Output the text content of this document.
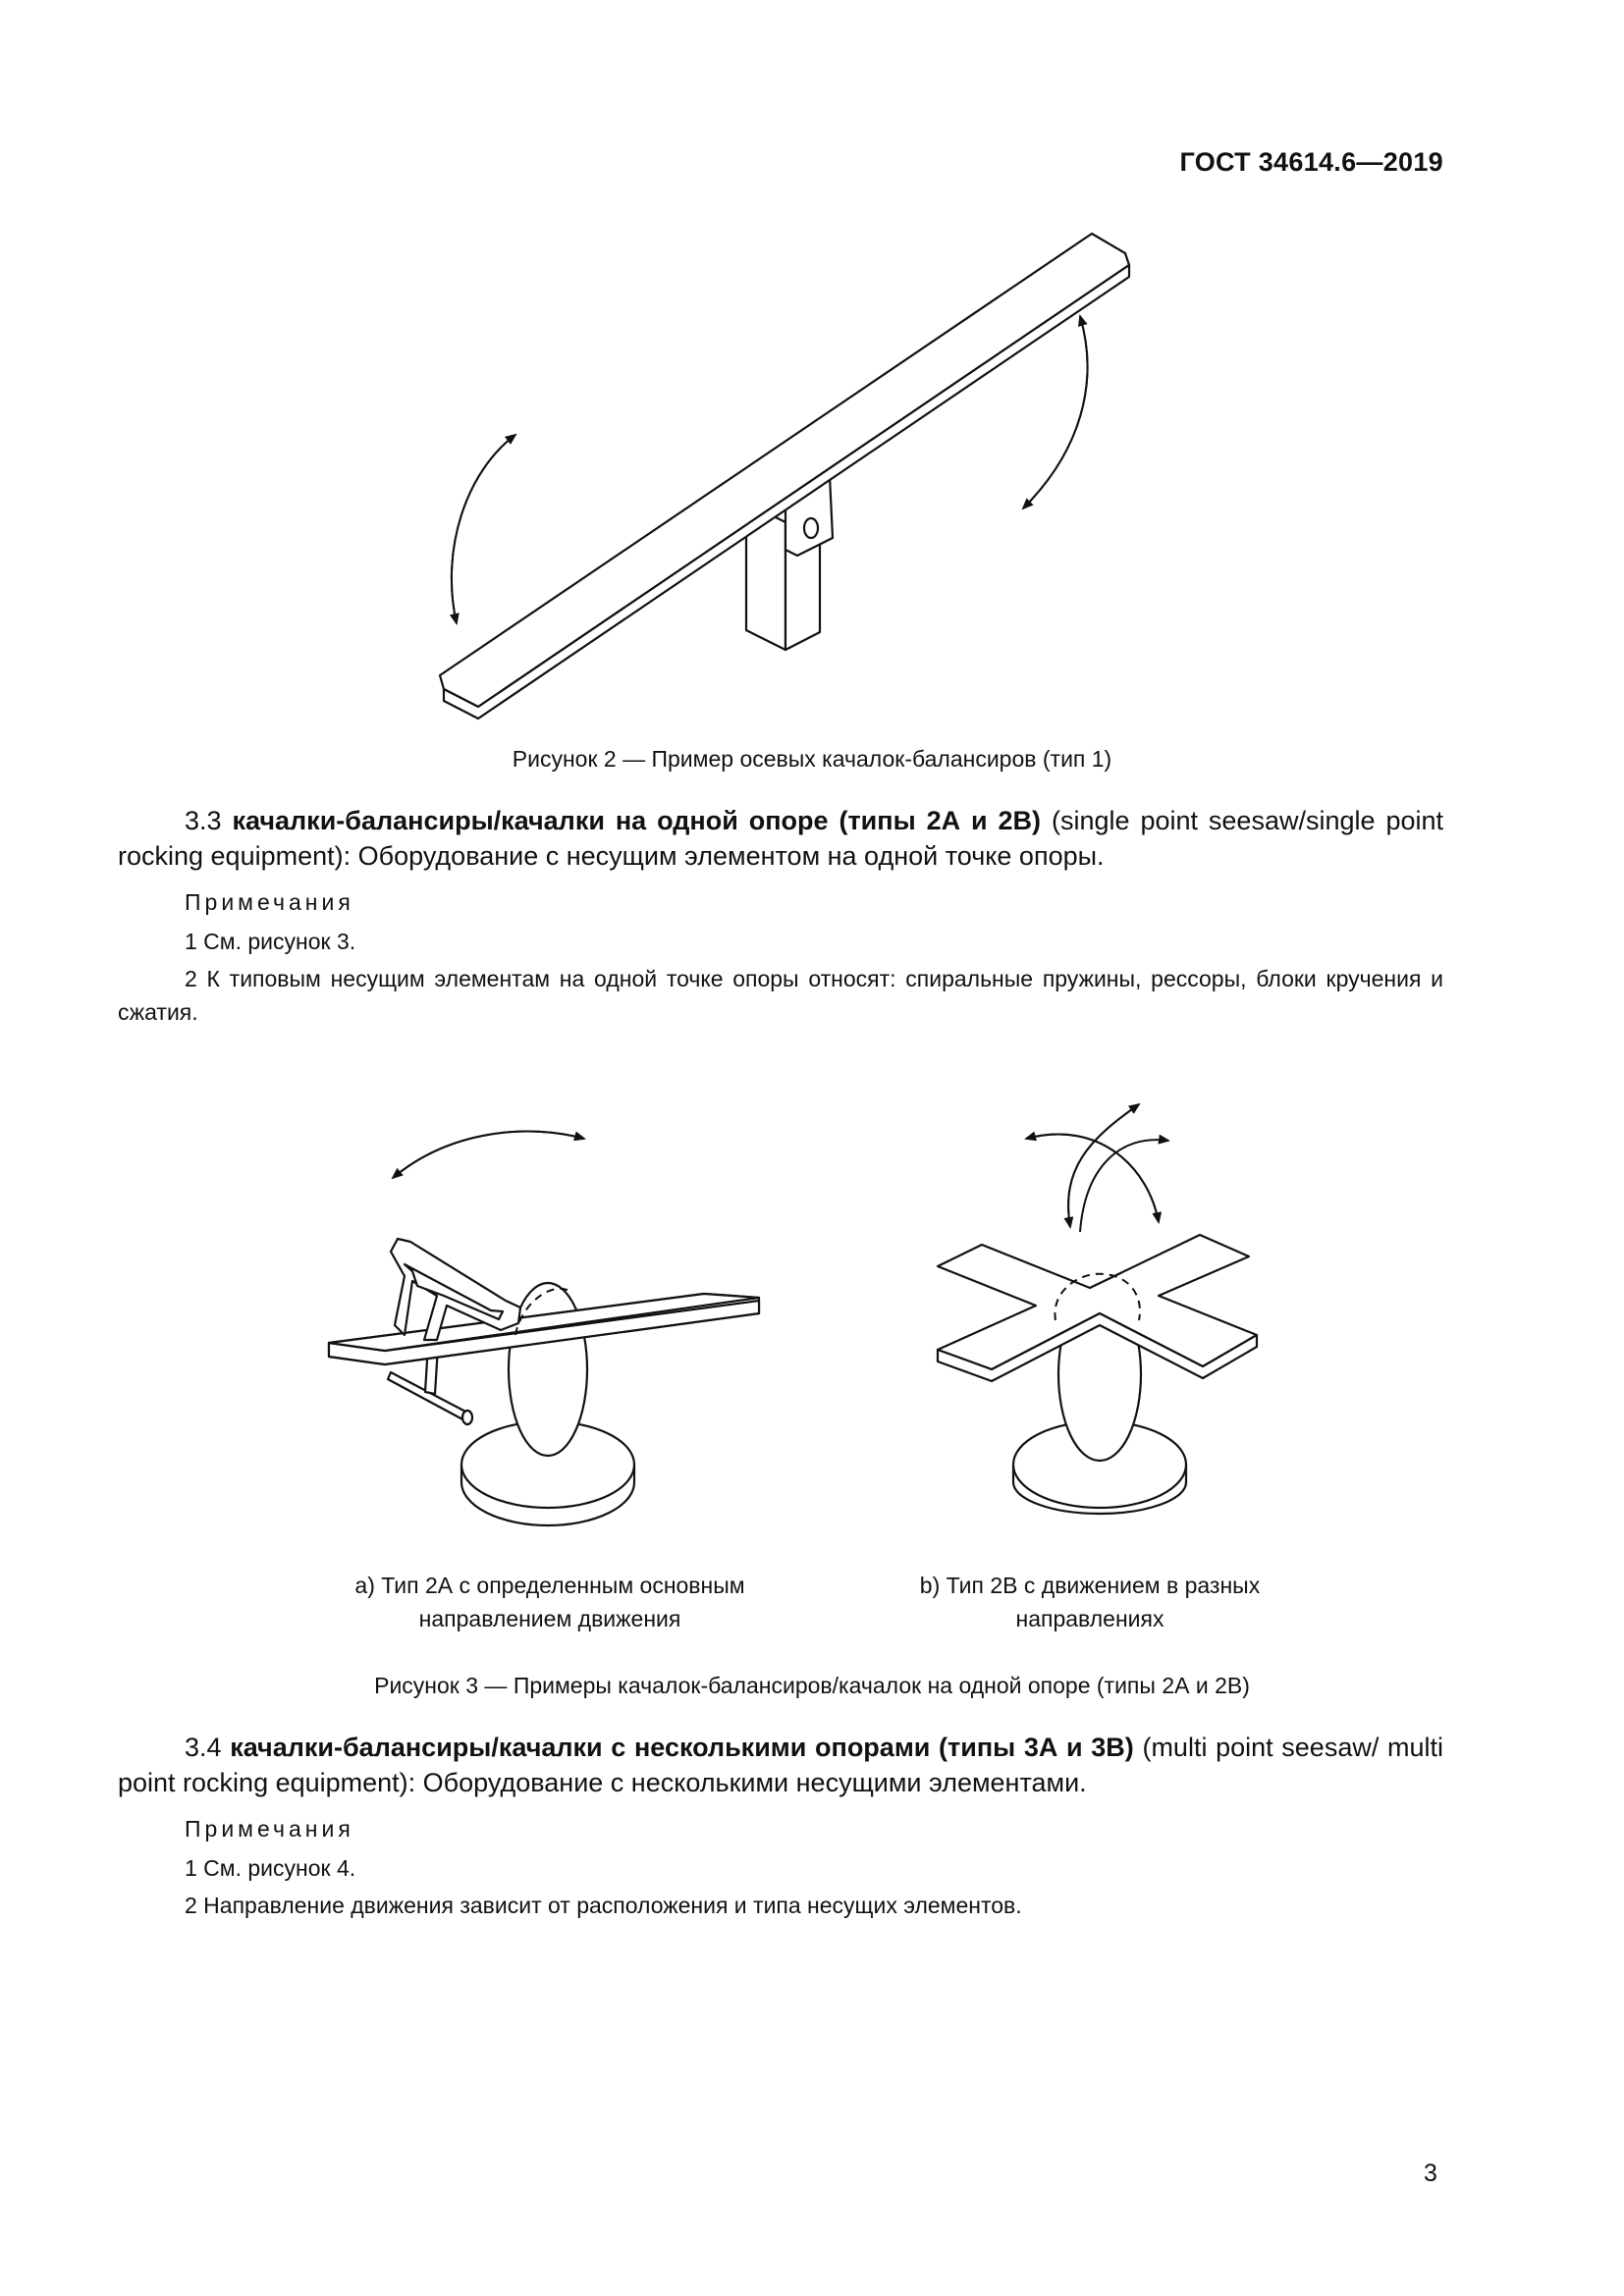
ГОСТ 34614.6—2019
Рисунок 2 — Пример осевых качалок-балансиров (тип 1)
3.3 качалки-балансиры/качалки на одной опоре (типы 2А и 2В) (single point seesaw/single point rocking equipment): Оборудование с несущим элементом на одной точке опоры.
Примечания
1 См. рисунок 3.
2 К типовым несущим элементам на одной точке опоры относят: спиральные пружины, рессоры, блоки кручения и сжатия.
а) Тип 2А с определенным основным
направлением движения
b) Тип 2В с движением в разных
направлениях
Рисунок 3 — Примеры качалок-балансиров/качалок на одной опоре (типы 2А и 2В)
3.4 качалки-балансиры/качалки с несколькими опорами (типы 3А и 3В) (multi point seesaw/ multi point rocking equipment): Оборудование с несколькими несущими элементами.
Примечания
1 См. рисунок 4.
2 Направление движения зависит от расположения и типа несущих элементов.
3
